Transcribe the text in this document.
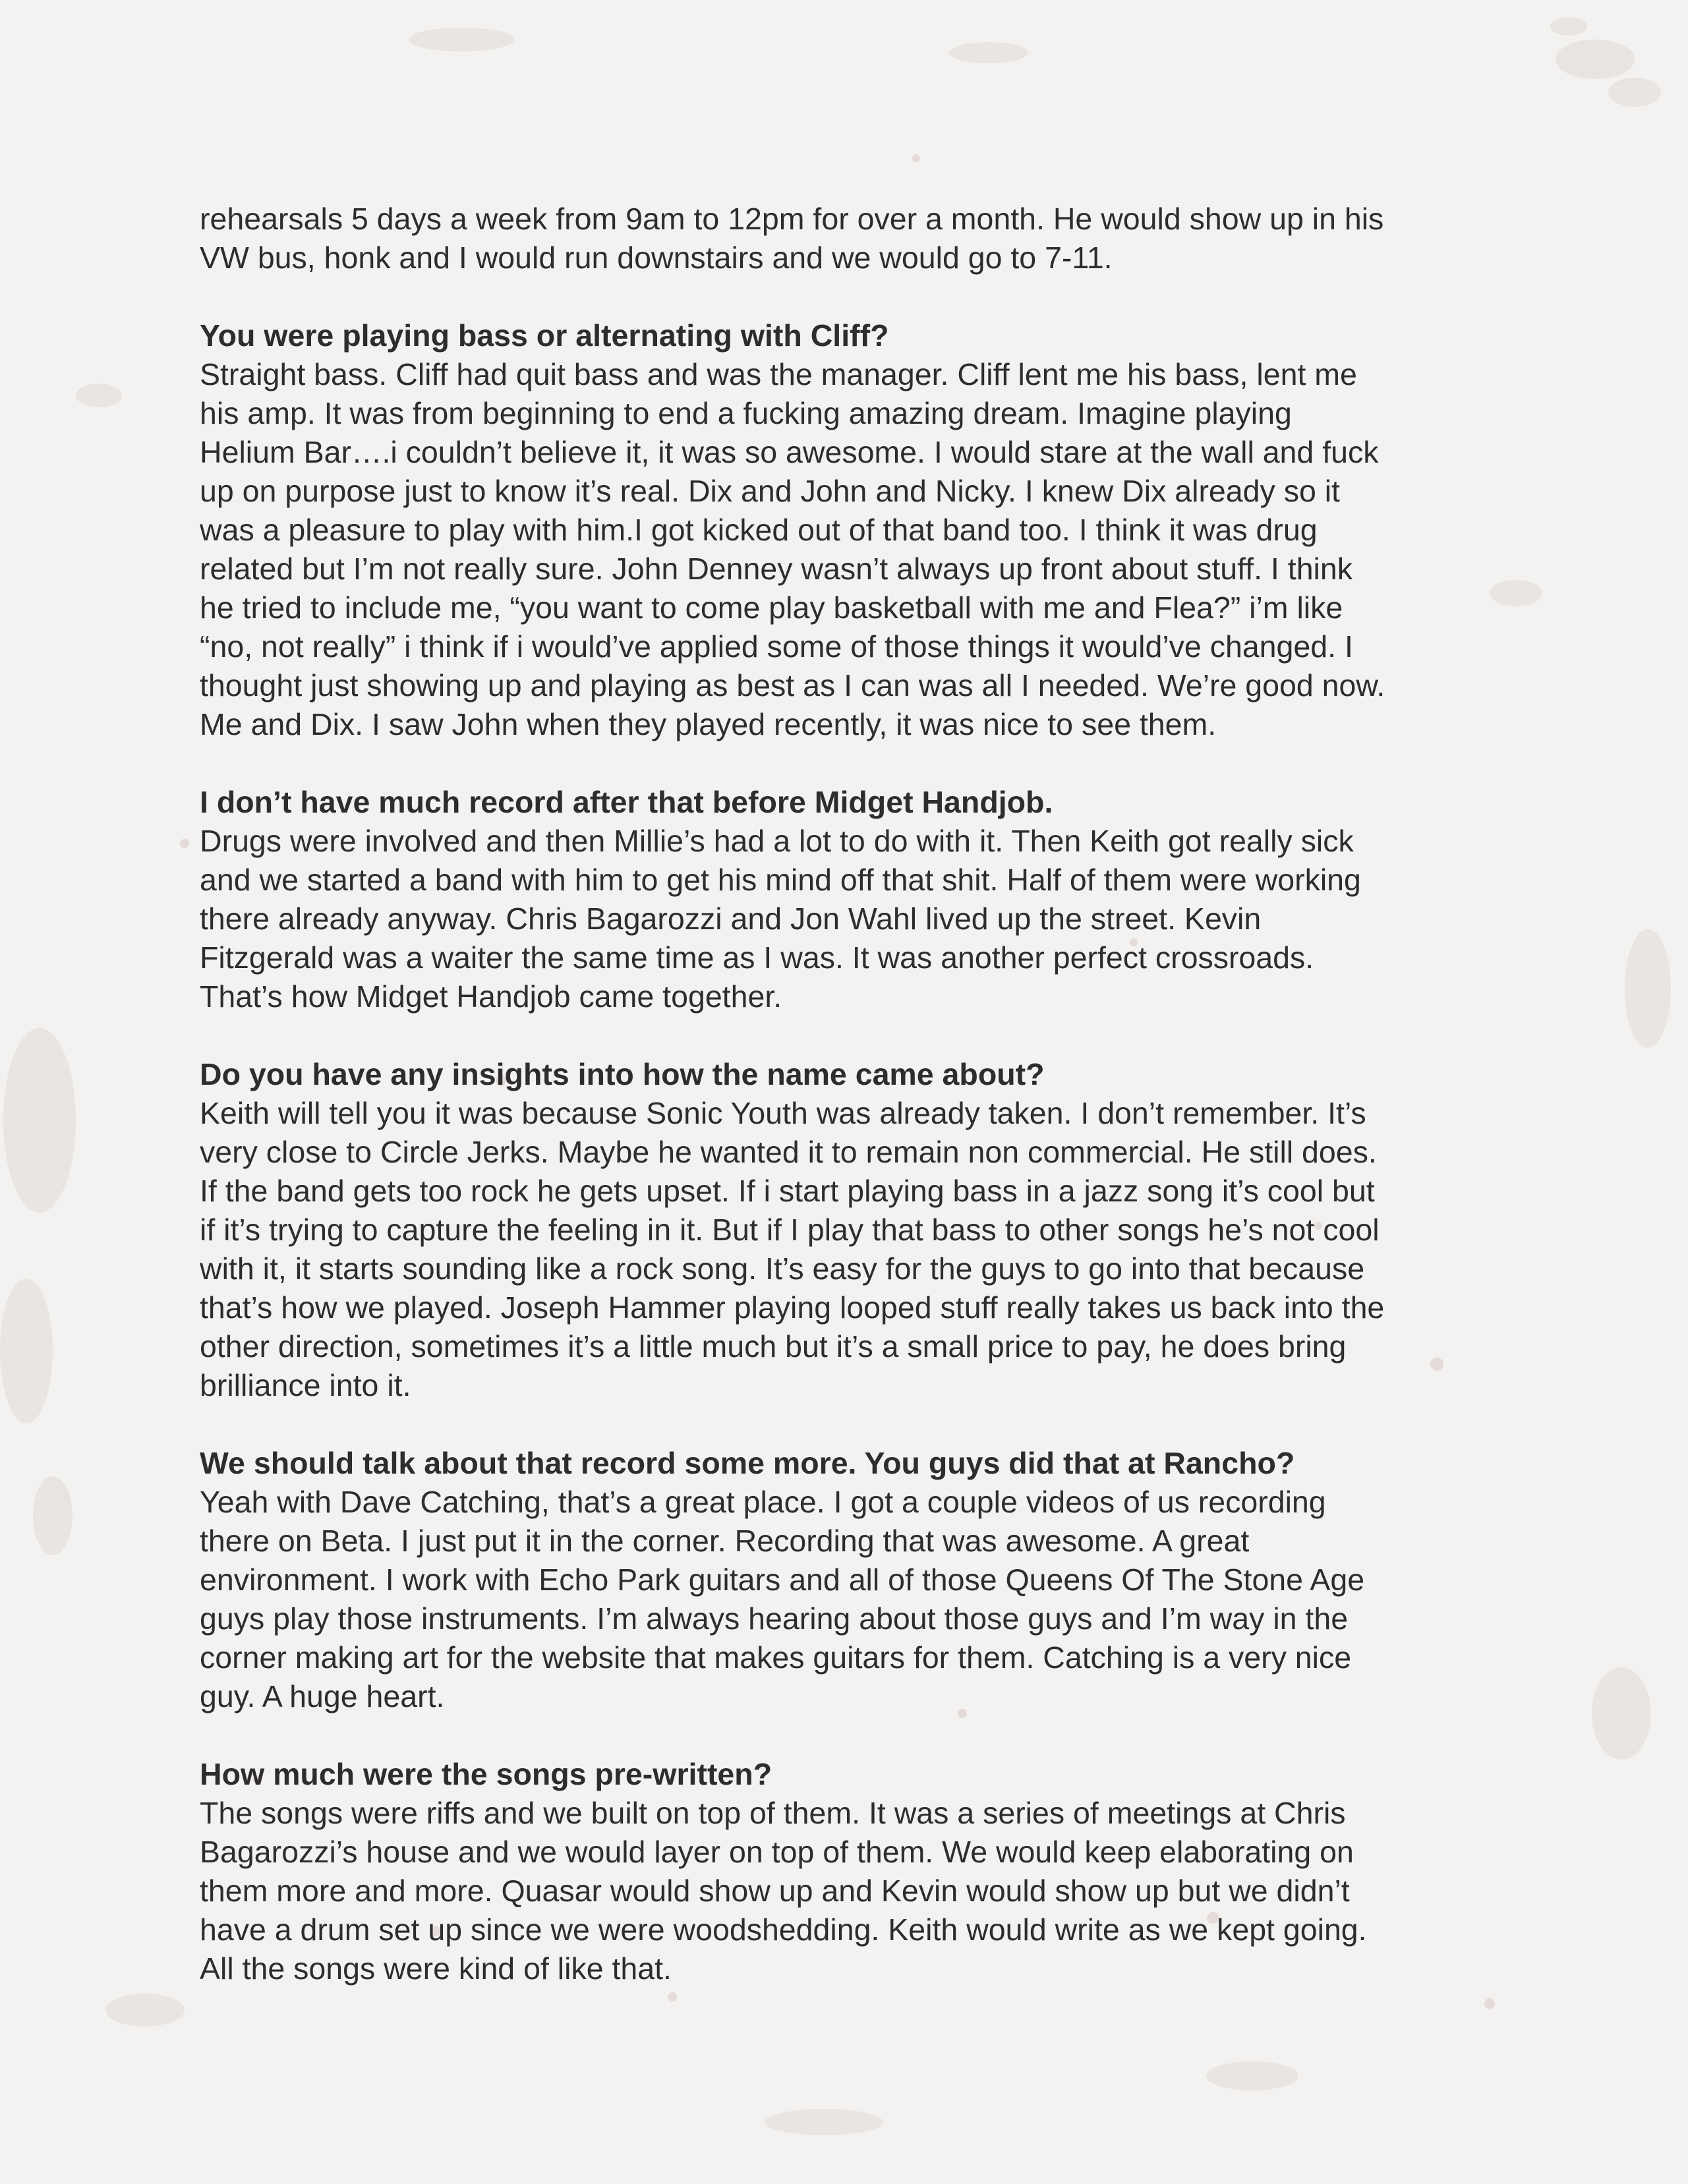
rehearsals 5 days a week from 9am to 12pm for over a month. He would show up in his
VW bus, honk and I would run downstairs and we would go to 7-11.
You were playing bass or alternating with Cliff?
Straight bass. Cliff had quit bass and was the manager. Cliff lent me his bass, lent me
his amp. It was from beginning to end a fucking amazing dream. Imagine playing
Helium Bar….i couldn’t believe it, it was so awesome. I would stare at the wall and fuck
up on purpose just to know it’s real. Dix and John and Nicky. I knew Dix already so it
was a pleasure to play with him.I got kicked out of that band too. I think it was drug
related but I’m not really sure. John Denney wasn’t always up front about stuff. I think
he tried to include me, “you want to come play basketball with me and Flea?” i’m like
“no, not really” i think if i would’ve applied some of those things it would’ve changed. I
thought just showing up and playing as best as I can was all I needed. We’re good now.
Me and Dix. I saw John when they played recently, it was nice to see them.
I don’t have much record after that before Midget Handjob.
Drugs were involved and then Millie’s had a lot to do with it. Then Keith got really sick
and we started a band with him to get his mind off that shit. Half of them were working
there already anyway. Chris Bagarozzi and Jon Wahl lived up the street. Kevin
Fitzgerald was a waiter the same time as I was. It was another perfect crossroads.
That’s how Midget Handjob came together.
Do you have any insights into how the name came about?
Keith will tell you it was because Sonic Youth was already taken. I don’t remember. It’s
very close to Circle Jerks. Maybe he wanted it to remain non commercial. He still does.
If the band gets too rock he gets upset. If i start playing bass in a jazz song it’s cool but
if it’s trying to capture the feeling in it. But if I play that bass to other songs he’s not cool
with it, it starts sounding like a rock song. It’s easy for the guys to go into that because
that’s how we played. Joseph Hammer playing looped stuff really takes us back into the
other direction, sometimes it’s a little much but it’s a small price to pay, he does bring
brilliance into it.
We should talk about that record some more. You guys did that at Rancho?
Yeah with Dave Catching, that’s a great place. I got a couple videos of us recording
there on Beta. I just put it in the corner. Recording that was awesome. A great
environment. I work with Echo Park guitars and all of those Queens Of The Stone Age
guys play those instruments. I’m always hearing about those guys and I’m way in the
corner making art for the website that makes guitars for them. Catching is a very nice
guy. A huge heart.
How much were the songs pre-written?
The songs were riffs and we built on top of them. It was a series of meetings at Chris
Bagarozzi’s house and we would layer on top of them. We would keep elaborating on
them more and more. Quasar would show up and Kevin would show up but we didn’t
have a drum set up since we were woodshedding. Keith would write as we kept going.
All the songs were kind of like that.
